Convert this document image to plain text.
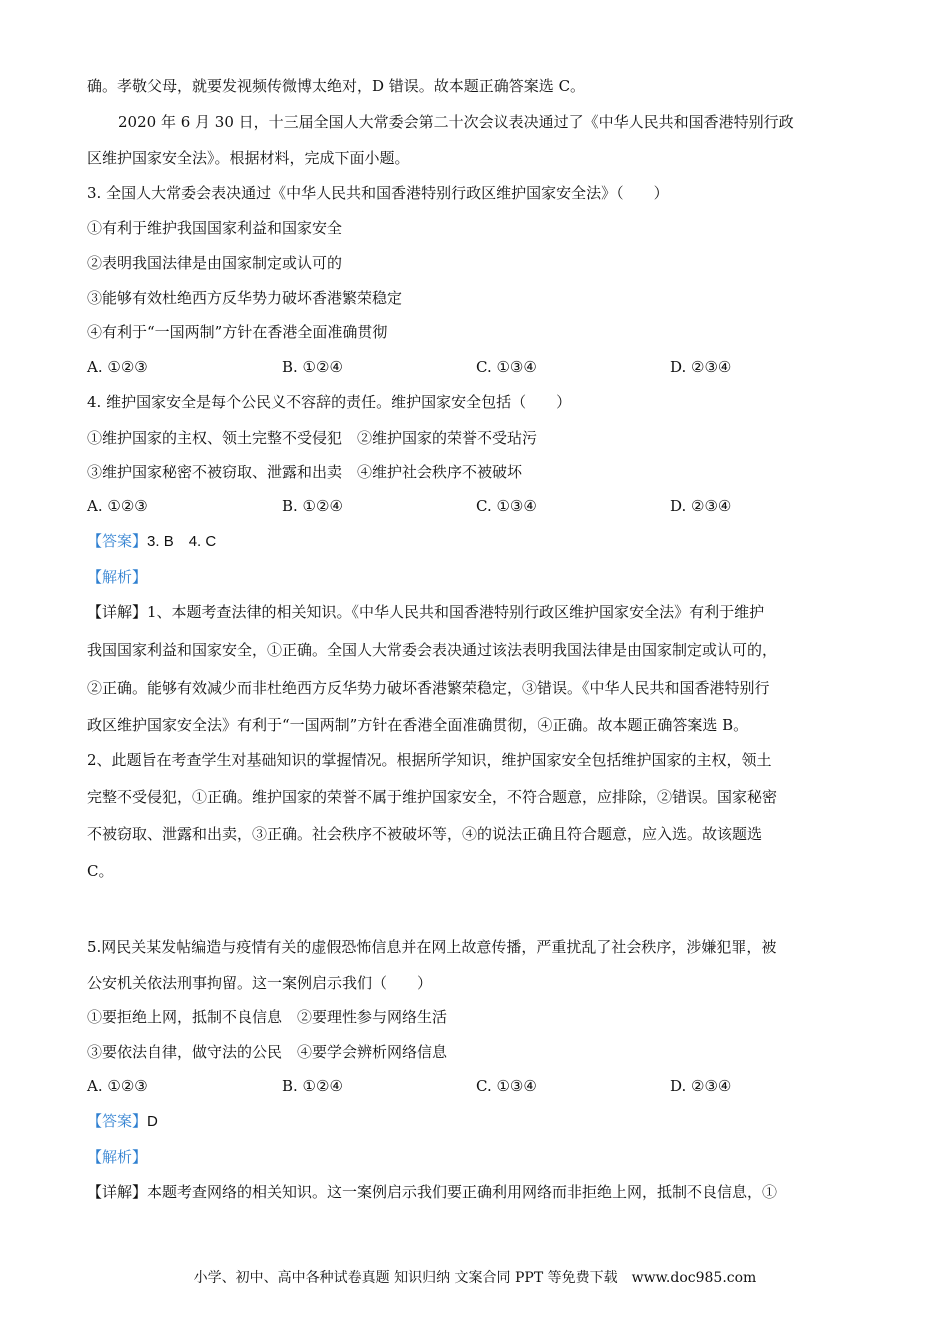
确。孝敬父母，就要发视频传微博太绝对，D 错误。故本题正确答案选 C。
2020 年 6 月 30 日，十三届全国人大常委会第二十次会议表决通过了《中华人民共和国香港特别行政
区维护国家安全法》。根据材料，完成下面小题。
3. 全国人大常委会表决通过《中华人民共和国香港特别行政区维护国家安全法》（　　）
①有利于维护我国国家利益和国家安全
②表明我国法律是由国家制定或认可的
③能够有效杜绝西方反华势力破坏香港繁荣稳定
④有利于“一国两制”方针在香港全面准确贯彻
A. ①②③	B. ①②④	C. ①③④	D. ②③④
4. 维护国家安全是每个公民义不容辞的责任。维护国家安全包括（　　）
①维护国家的主权、领土完整不受侵犯　②维护国家的荣誉不受玷污
③维护国家秘密不被窃取、泄露和出卖　④维护社会秩序不被破坏
A. ①②③	B. ①②④	C. ①③④	D. ②③④
【答案】3. B　4. C
【解析】
【详解】1、本题考查法律的相关知识。《中华人民共和国香港特别行政区维护国家安全法》有利于维护
我国国家利益和国家安全，①正确。全国人大常委会表决通过该法表明我国法律是由国家制定或认可的，
②正确。能够有效减少而非杜绝西方反华势力破坏香港繁荣稳定，③错误。《中华人民共和国香港特别行
政区维护国家安全法》有利于“一国两制”方针在香港全面准确贯彻，④正确。故本题正确答案选 B。
2、此题旨在考查学生对基础知识的掌握情况。根据所学知识，维护国家安全包括维护国家的主权，领土
完整不受侵犯，①正确。维护国家的荣誉不属于维护国家安全，不符合题意，应排除，②错误。国家秘密
不被窃取、泄露和出卖，③正确。社会秩序不被破坏等，④的说法正确且符合题意，应入选。故该题选
C。
5.网民关某发帖编造与疫情有关的虚假恐怖信息并在网上故意传播，严重扰乱了社会秩序，涉嫌犯罪，被
公安机关依法刑事拘留。这一案例启示我们（　　）
①要拒绝上网，抵制不良信息　②要理性参与网络生活
③要依法自律，做守法的公民　④要学会辨析网络信息
A. ①②③	B. ①②④	C. ①③④	D. ②③④
【答案】D
【解析】
【详解】本题考查网络的相关知识。这一案例启示我们要正确利用网络而非拒绝上网，抵制不良信息，①
小学、初中、高中各种试卷真题 知识归纳 文案合同 PPT 等免费下载　www.doc985.com
